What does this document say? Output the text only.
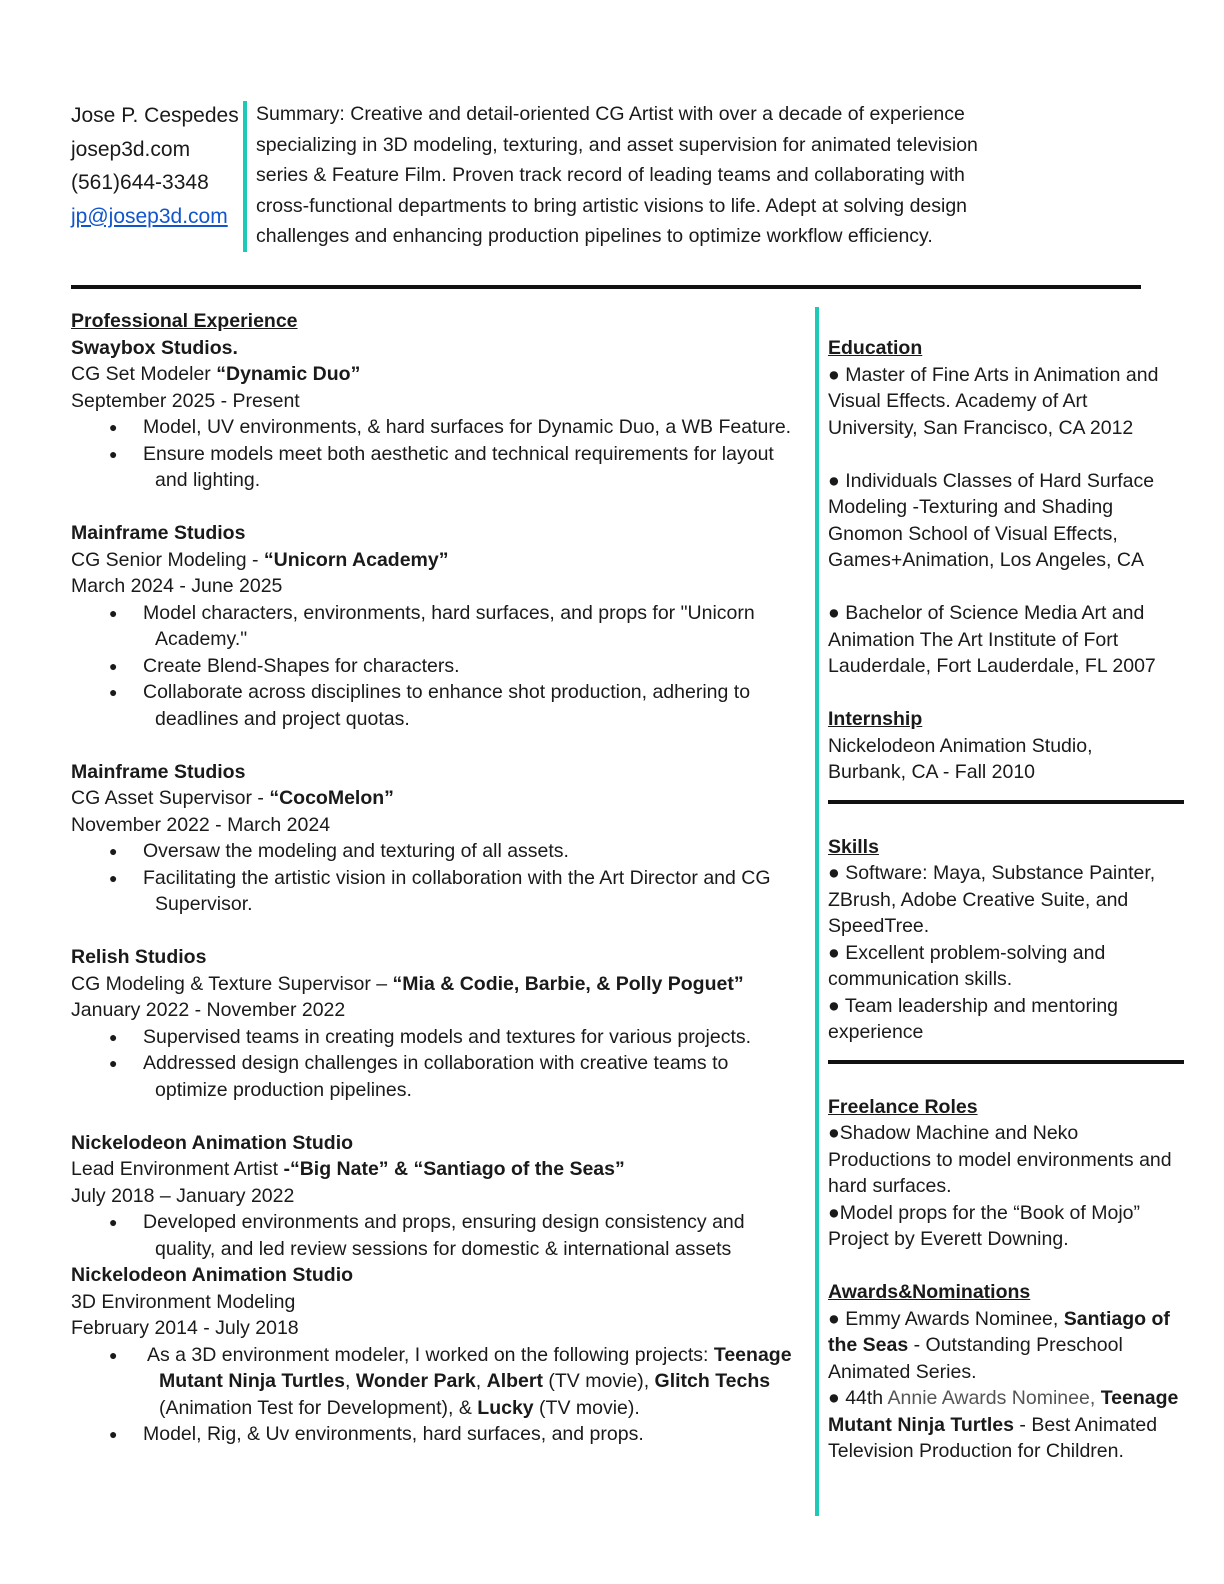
Jose P. Cespedes
josep3d.com
(561)644-3348
jp@josep3d.com
Summary: Creative and detail-oriented CG Artist with over a decade of experience
specializing in 3D modeling, texturing, and asset supervision for animated television
series & Feature Film. Proven track record of leading teams and collaborating with
cross-functional departments to bring artistic visions to life. Adept at solving design
challenges and enhancing production pipelines to optimize workflow efficiency.
Professional Experience
Swaybox Studios.
CG Set Modeler “Dynamic Duo”
September 2025 - Present
● Model, UV environments, & hard surfaces for Dynamic Duo, a WB Feature.
● Ensure models meet both aesthetic and technical requirements for layout
and lighting.
Mainframe Studios
CG Senior Modeling - “Unicorn Academy”
March 2024 - June 2025
● Model characters, environments, hard surfaces, and props for "Unicorn
Academy."
● Create Blend-Shapes for characters.
● Collaborate across disciplines to enhance shot production, adhering to
deadlines and project quotas.
Mainframe Studios
CG Asset Supervisor - “CocoMelon”
November 2022 - March 2024
● Oversaw the modeling and texturing of all assets.
● Facilitating the artistic vision in collaboration with the Art Director and CG
Supervisor.
Relish Studios
CG Modeling & Texture Supervisor – “Mia & Codie, Barbie, & Polly Poguet”
January 2022 - November 2022
● Supervised teams in creating models and textures for various projects.
● Addressed design challenges in collaboration with creative teams to
optimize production pipelines.
Nickelodeon Animation Studio
Lead Environment Artist -“Big Nate” & “Santiago of the Seas”
July 2018 – January 2022
● Developed environments and props, ensuring design consistency and
quality, and led review sessions for domestic & international assets
Nickelodeon Animation Studio
3D Environment Modeling
February 2014 - July 2018
● As a 3D environment modeler, I worked on the following projects: Teenage
Mutant Ninja Turtles, Wonder Park, Albert (TV movie), Glitch Techs
(Animation Test for Development), & Lucky (TV movie).
● Model, Rig, & Uv environments, hard surfaces, and props.
Education
● Master of Fine Arts in Animation and
Visual Effects. Academy of Art
University, San Francisco, CA 2012
● Individuals Classes of Hard Surface
Modeling -Texturing and Shading
Gnomon School of Visual Effects,
Games+Animation, Los Angeles, CA
● Bachelor of Science Media Art and
Animation The Art Institute of Fort
Lauderdale, Fort Lauderdale, FL 2007
Internship
Nickelodeon Animation Studio,
Burbank, CA - Fall 2010
Skills
● Software: Maya, Substance Painter,
ZBrush, Adobe Creative Suite, and
SpeedTree.
● Excellent problem-solving and
communication skills.
● Team leadership and mentoring
experience
Freelance Roles
●Shadow Machine and Neko
Productions to model environments and
hard surfaces.
●Model props for the “Book of Mojo”
Project by Everett Downing.
Awards&Nominations
● Emmy Awards Nominee, Santiago of
the Seas - Outstanding Preschool
Animated Series.
● 44th Annie Awards Nominee, Teenage
Mutant Ninja Turtles - Best Animated
Television Production for Children.
